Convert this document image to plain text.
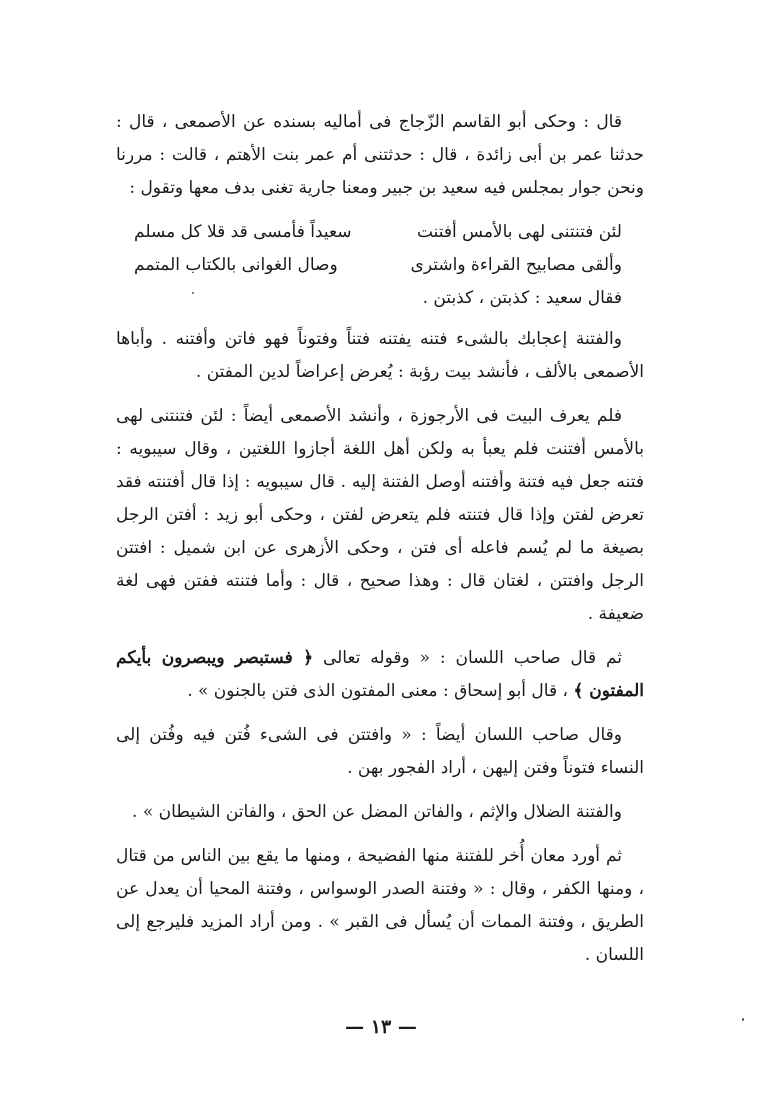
قال : وحكى أبو القاسم الزّجاج فى أماليه بسنده عن الأصمعى ، قال : حدثنا عمر بن أبى زائدة ، قال : حدثتنى أم عمر بنت الأهتم ، قالت : مررنا ونحن جوار بمجلس فيه سعيد بن جبير ومعنا جارية تغنى بدف معها وتقول :

لئن فتنتنى لهى بالأمس أفتنت
سعيداً فأمسى قد قلا كل مسلم
وألقى مصابيح القراءة واشترى
وصال الغوانى بالكتاب المتمم
فقال سعيد : كذبتن ، كذبتن .

والفتنة إعجابك بالشىء فتنه يفتنه فتناً وفتوناً فهو فاتن وأفتنه . وأباها الأصمعى بالألف ، فأنشد بيت رؤبة : يُعرض إعراضاً لدين المفتن .

فلم يعرف البيت فى الأرجوزة ، وأنشد الأصمعى أيضاً : لئن فتنتنى لهى بالأمس أفتنت فلم يعبأ به ولكن أهل اللغة أجازوا اللغتين ، وقال سيبويه : فتنه جعل فيه فتنة وأفتنه أوصل الفتنة إليه . قال سيبويه : إذا قال أفتنته فقد تعرض لفتن وإذا قال فتنته فلم يتعرض لفتن ، وحكى أبو زيد : أفتن الرجل بصيغة ما لم يُسم فاعله أى فتن ، وحكى الأزهرى عن ابن شميل : افتتن الرجل وافتتن ، لغتان قال : وهذا صحيح ، قال : وأما فتنته ففتن فهى لغة ضعيفة .

ثم قال صاحب اللسان : « وقوله تعالى ﴿ فستبصر ويبصرون بأيكم المفتون ﴾ ، قال أبو إسحاق : معنى المفتون الذى فتن بالجنون » .

وقال صاحب اللسان أيضاً : « وافتتن فى الشىء فُتن فيه وفُتن إلى النساء فتوناً وفتن إليهن ، أراد الفجور بهن .

والفتنة الضلال والإثم ، والفاتن المضل عن الحق ، والفاتن الشيطان » .

ثم أورد معان أُخر للفتنة منها الفضيحة ، ومنها ما يقع بين الناس من قتال ، ومنها الكفر ، وقال : « وفتنة الصدر الوسواس ، وفتنة المحيا أن يعدل عن الطريق ، وفتنة الممات أن يُسأل فى القبر » . ومن أراد المزيد فليرجع إلى اللسان .

— ١٣ —
